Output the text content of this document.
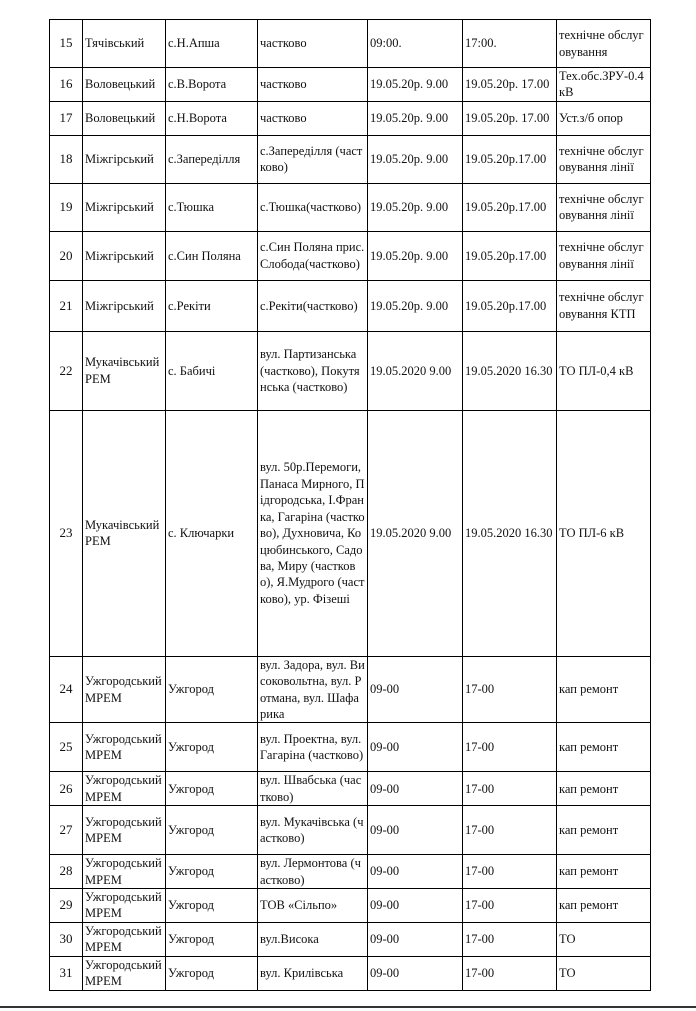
15	Тячівський	с.Н.Апша	частково	09:00.	17:00.	технічне обслуговування
16	Воловецький	с.В.Ворота	частково	19.05.20р. 9.00	19.05.20р. 17.00	Тех.обс.ЗРУ-0.4кВ
17	Воловецький	с.Н.Ворота	частково	19.05.20р. 9.00	19.05.20р. 17.00	Уст.з/б опор
18	Міжгірський	с.Запереділля	с.Запереділля (частково)	19.05.20р. 9.00	19.05.20р.17.00	технічне обслуговування лінії
19	Міжгірський	с.Тюшка	с.Тюшка(частково)	19.05.20р. 9.00	19.05.20р.17.00	технічне обслуговування лінії
20	Міжгірський	с.Син Поляна	с.Син Поляна прис.Слобода(частково)	19.05.20р. 9.00	19.05.20р.17.00	технічне обслуговування лінії
21	Міжгірський	с.Рекіти	с.Рекіти(частково)	19.05.20р. 9.00	19.05.20р.17.00	технічне обслуговування КТП
22	Мукачівський РЕМ	с. Бабичі	вул. Партизанська (частково), Покутянська (частково)	19.05.2020 9.00	19.05.2020 16.30	ТО ПЛ-0,4 кВ
23	Мукачівський РЕМ	с. Ключарки	вул. 50р.Перемоги, Панаса Мирного, Підгородська, І.Франка, Гагаріна (частково), Духновича, Коцюбинського, Садова, Миру (частково), Я.Мудрого (частково), ур. Фізеші	19.05.2020 9.00	19.05.2020 16.30	ТО ПЛ-6 кВ
24	Ужгородський МРЕМ	Ужгород	вул. Задора, вул. Високовольтна, вул. Ротмана, вул. Шафарика	09-00	17-00	кап ремонт
25	Ужгородський МРЕМ	Ужгород	вул. Проектна, вул. Гагаріна (частково)	09-00	17-00	кап ремонт
26	Ужгородський МРЕМ	Ужгород	вул. Швабська (частково)	09-00	17-00	кап ремонт
27	Ужгородський МРЕМ	Ужгород	вул. Мукачівська (частково)	09-00	17-00	кап ремонт
28	Ужгородський МРЕМ	Ужгород	вул. Лермонтова (частково)	09-00	17-00	кап ремонт
29	Ужгородський МРЕМ	Ужгород	ТОВ «Сільпо»	09-00	17-00	кап ремонт
30	Ужгородський МРЕМ	Ужгород	вул.Висока	09-00	17-00	ТО
31	Ужгородський МРЕМ	Ужгород	вул. Крилівська	09-00	17-00	ТО
